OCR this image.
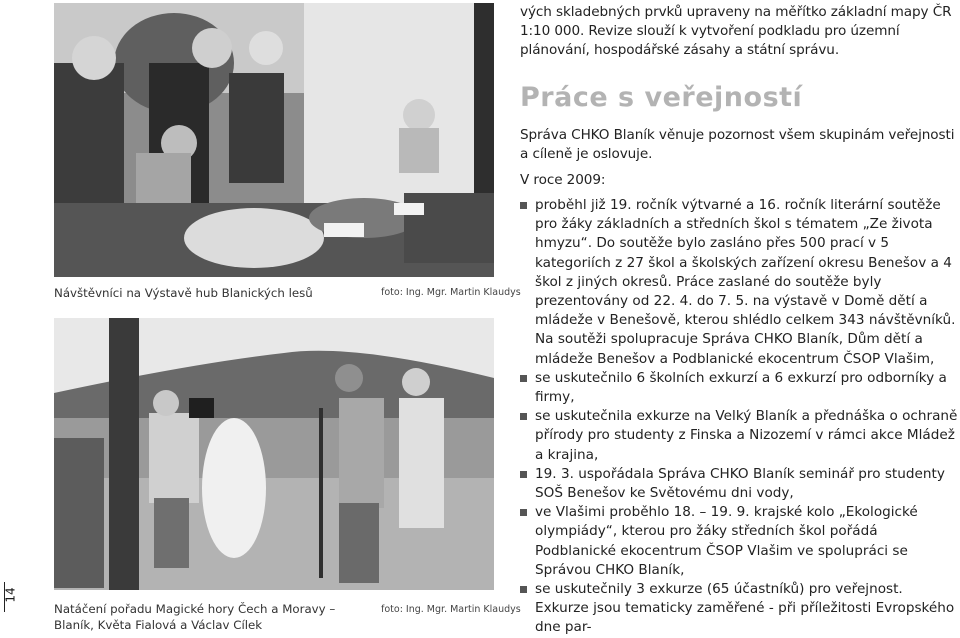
14
Návštěvníci na Výstavě hub Blanických lesů	foto: Ing. Mgr. Martin Klaudys
Natáčení pořadu Magické hory Čech a Moravy – Blaník, Květa Fialová a Václav Cílek
foto: Ing. Mgr. Martin Klaudys
vých skladebných prvků upraveny na měřítko základní mapy ČR 1:10 000. Revize slouží k vytvoření podkladu pro územní plánování, hospodářské zásahy a státní správu.
Práce s veřejností
Správa CHKO Blaník věnuje pozornost všem skupinám veřejnosti a cíleně je oslovuje.
V roce 2009:
proběhl již 19. ročník výtvarné a 16. ročník literární soutěže pro žáky základních a středních škol s tématem „Ze života hmyzu“. Do soutěže bylo zasláno přes 500 prací v 5 kategoriích z 27 škol a školských zařízení okresu Benešov a 4 škol z jiných okresů. Práce zaslané do soutěže byly prezentovány od 22. 4. do 7. 5. na výstavě v Domě dětí a mládeže v Benešově, kterou shlédlo celkem 343 návštěvníků. Na soutěži spolupracuje Správa CHKO Blaník, Dům dětí a mládeže Benešov a Podblanické ekocentrum ČSOP Vlašim,
se uskutečnilo 6 školních exkurzí a 6 exkurzí pro odborníky a firmy,
se uskutečnila exkurze na Velký Blaník a přednáška o ochraně přírody pro studenty z Finska a Nizozemí v rámci akce Mládež a krajina,
19. 3. uspořádala Správa CHKO Blaník seminář pro studenty SOŠ Benešov ke Světovému dni vody,
ve Vlašimi proběhlo 18. – 19. 9. krajské kolo „Ekologické olympiády“, kterou pro žáky středních škol pořádá Podblanické ekocentrum ČSOP Vlašim ve spolupráci se Správou CHKO Blaník,
se uskutečnily 3 exkurze (65 účastníků) pro veřejnost. Exkurze jsou tematicky zaměřené - při příležitosti Evropského dne par-
